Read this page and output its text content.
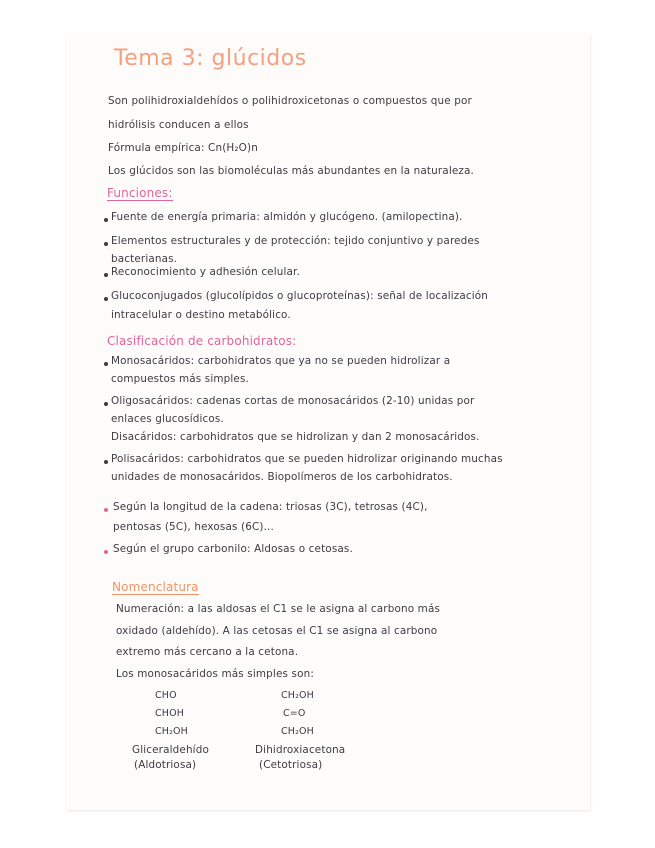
Tema 3: glúcidos
Son polihidroxialdehídos o polihidroxicetonas o compuestos que por
hidrólisis conducen a ellos
Fórmula empírica: Cn(H₂O)n
Los glúcidos son las biomoléculas más abundantes en la naturaleza.
Funciones:
Fuente de energía primaria: almidón y glucógeno. (amilopectina).
Elementos estructurales y de protección: tejido conjuntivo y paredes
bacterianas.
Reconocimiento y adhesión celular.
Glucoconjugados (glucolípidos o glucoproteínas): señal de localización
intracelular o destino metabólico.
Clasificación de carbohidratos:
Monosacáridos: carbohidratos que ya no se pueden hidrolizar a
compuestos más simples.
Oligosacáridos: cadenas cortas de monosacáridos (2-10) unidas por
enlaces glucosídicos.
Disacáridos: carbohidratos que se hidrolizan y dan 2 monosacáridos.
Polisacáridos: carbohidratos que se pueden hidrolizar originando muchas
unidades de monosacáridos. Biopolímeros de los carbohidratos.
Según la longitud de la cadena: triosas (3C), tetrosas (4C),
pentosas (5C), hexosas (6C)...
Según el grupo carbonilo: Aldosas o cetosas.
Nomenclatura
Numeración: a las aldosas el C1 se le asigna al carbono más
oxidado (aldehído). A las cetosas el C1 se asigna al carbono
extremo más cercano a la cetona.
Los monosacáridos más simples son:
CHO
CHOH
CH₂OH
Gliceraldehído
(Aldotriosa)
CH₂OH
C=O
CH₂OH
Dihidroxiacetona
(Cetotriosa)
